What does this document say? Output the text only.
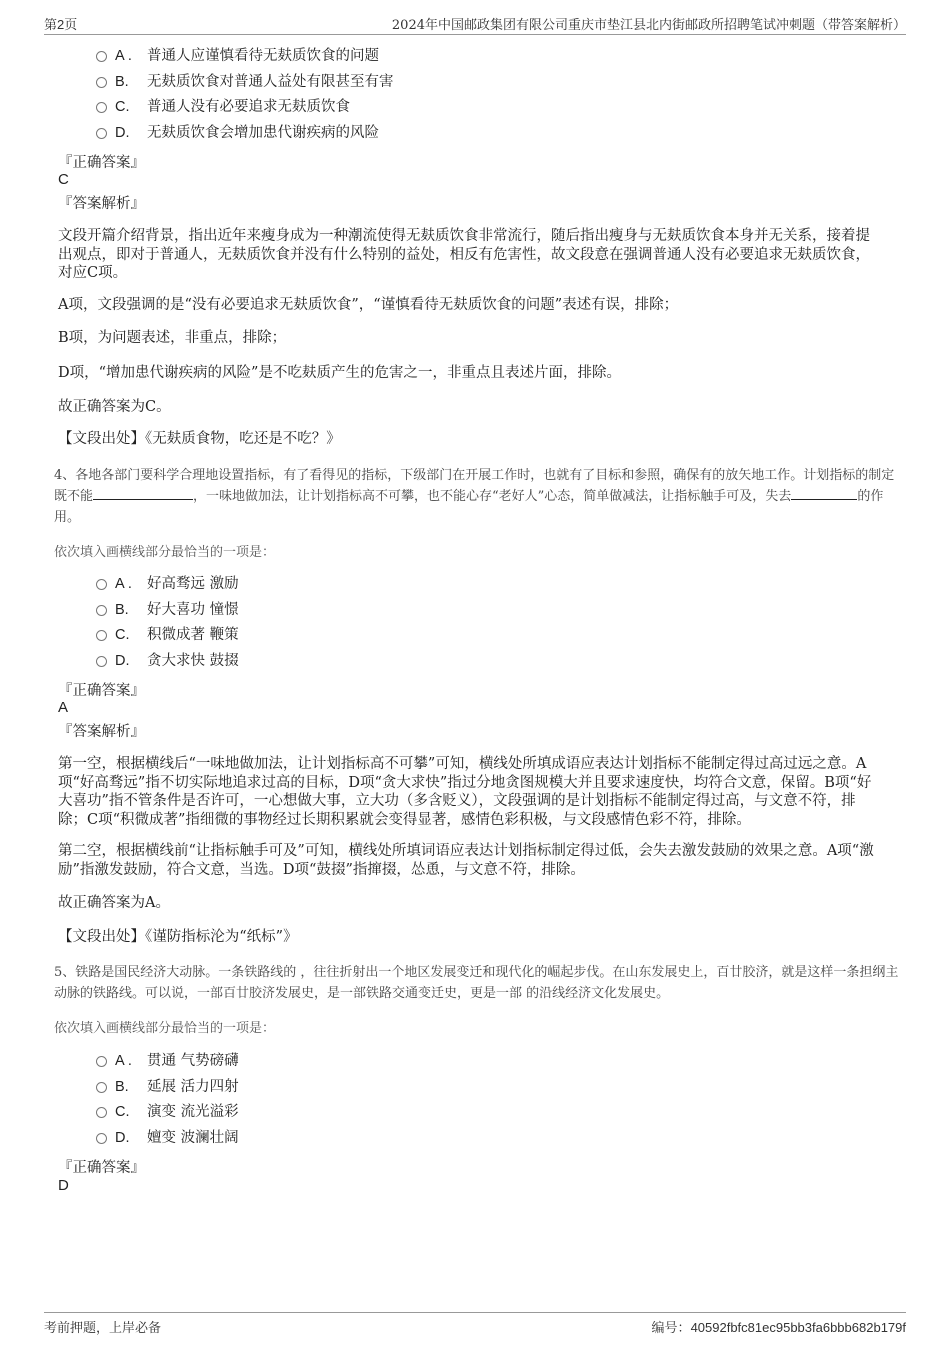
第2页	2024年中国邮政集团有限公司重庆市垫江县北内街邮政所招聘笔试冲刺题（带答案解析）
A . 普通人应谨慎看待无麸质饮食的问题
B. 无麸质饮食对普通人益处有限甚至有害
C. 普通人没有必要追求无麸质饮食
D. 无麸质饮食会增加患代谢疾病的风险
『正确答案』
C
『答案解析』
文段开篇介绍背景，指出近年来瘦身成为一种潮流使得无麸质饮食非常流行，随后指出瘦身与无麸质饮食本身并无关系，接着提出观点，即对于普通人，无麸质饮食并没有什么特别的益处，相反有危害性，故文段意在强调普通人没有必要追求无麸质饮食，对应C项。
A项，文段强调的是“没有必要追求无麸质饮食”，“谨慎看待无麸质饮食的问题”表述有误，排除；
B项，为问题表述，非重点，排除；
D项，“增加患代谢疾病的风险”是不吃麸质产生的危害之一，非重点且表述片面，排除。
故正确答案为C。
【文段出处】《无麸质食物，吃还是不吃？》
4、各地各部门要科学合理地设置指标，有了看得见的指标，下级部门在开展工作时，也就有了目标和参照，确保有的放矢地工作。计划指标的制定既不能	，一味地做加法，让计划指标高不可攀，也不能心存“老好人”心态，简单做减法，让指标触手可及，失去	的作用。
依次填入画横线部分最恰当的一项是：
A . 好高骛远 激励
B. 好大喜功 憧憬
C. 积微成著 鞭策
D. 贪大求快 鼓掇
『正确答案』
A
『答案解析』
第一空，根据横线后“一味地做加法，让计划指标高不可攀”可知，横线处所填成语应表达计划指标不能制定得过高过远之意。A项“好高骛远”指不切实际地追求过高的目标，D项“贪大求快”指过分地贪图规模大并且要求速度快，均符合文意，保留。B项“好大喜功”指不管条件是否许可，一心想做大事，立大功（多含贬义），文段强调的是计划指标不能制定得过高，与文意不符，排除；C项“积微成著”指细微的事物经过长期积累就会变得显著，感情色彩积极，与文段感情色彩不符，排除。
第二空，根据横线前“让指标触手可及”可知，横线处所填词语应表达计划指标制定得过低，会失去激发鼓励的效果之意。A项“激励”指激发鼓励，符合文意，当选。D项“鼓掇”指撺掇，怂恿，与文意不符，排除。
故正确答案为A。
【文段出处】《谨防指标沦为“纸标”》
5、铁路是国民经济大动脉。一条铁路线的 ，往往折射出一个地区发展变迁和现代化的崛起步伐。在山东发展史上，百廿胶济，就是这样一条担纲主动脉的铁路线。可以说，一部百廿胶济发展史，是一部铁路交通变迁史，更是一部 的沿线经济文化发展史。
依次填入画横线部分最恰当的一项是：
A . 贯通 气势磅礴
B. 延展 活力四射
C. 演变 流光溢彩
D. 嬗变 波澜壮阔
『正确答案』
D
考前押题，上岸必备	编号：40592fbfc81ec95bb3fa6bbb682b179f
